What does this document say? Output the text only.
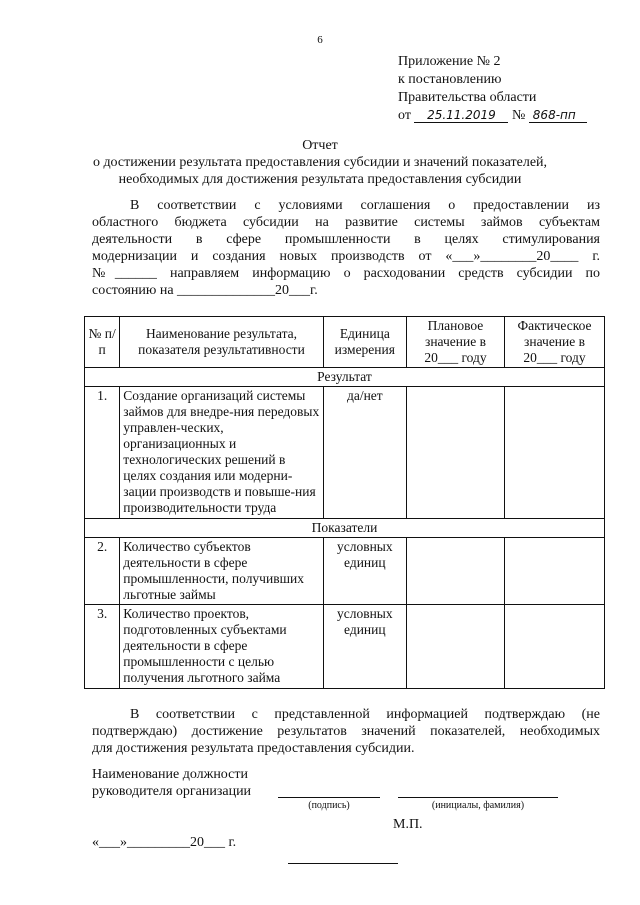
6
Приложение № 2
к постановлению
Правительства области
от 25.11.2019 № 868-пп
Отчет
о достижении результата предоставления субсидии и значений показателей,
необходимых для достижения результата предоставления субсидии
В соответствии с условиями соглашения о предоставлении из
областного бюджета субсидии на развитие системы займов субъектам
деятельности в сфере промышленности в целях стимулирования
модернизации и создания новых производств от «___»________20____ г.
№______ направляем информацию о расходовании средств субсидии по
состоянию на ______________20___г.
№ п/п	Наименование результата, показателя результативности	Единица измерения	Плановое значение в 20___ году	Фактическое значение в 20___ году
Результат				
1.	Создание организаций системы займов для внедре-ния передовых управлен-ческих, организационных и технологических решений в целях создания или модерни-зации производств и повыше-ния производительности труда	да/нет		
Показатели				
2.	Количество субъектов деятельности в сфере промышленности, получивших льготные займы	условных единиц		
3.	Количество проектов, подготовленных субъектами деятельности в сфере промышленности с целью получения льготного займа	условных единиц		
В соответствии с представленной информацией подтверждаю (не
подтверждаю) достижение результатов значений показателей, необходимых
для достижения результата предоставления субсидии.
Наименование должности
руководителя организации
(подпись)	(инициалы, фамилия)
М.П.
«___»_________20___ г.
